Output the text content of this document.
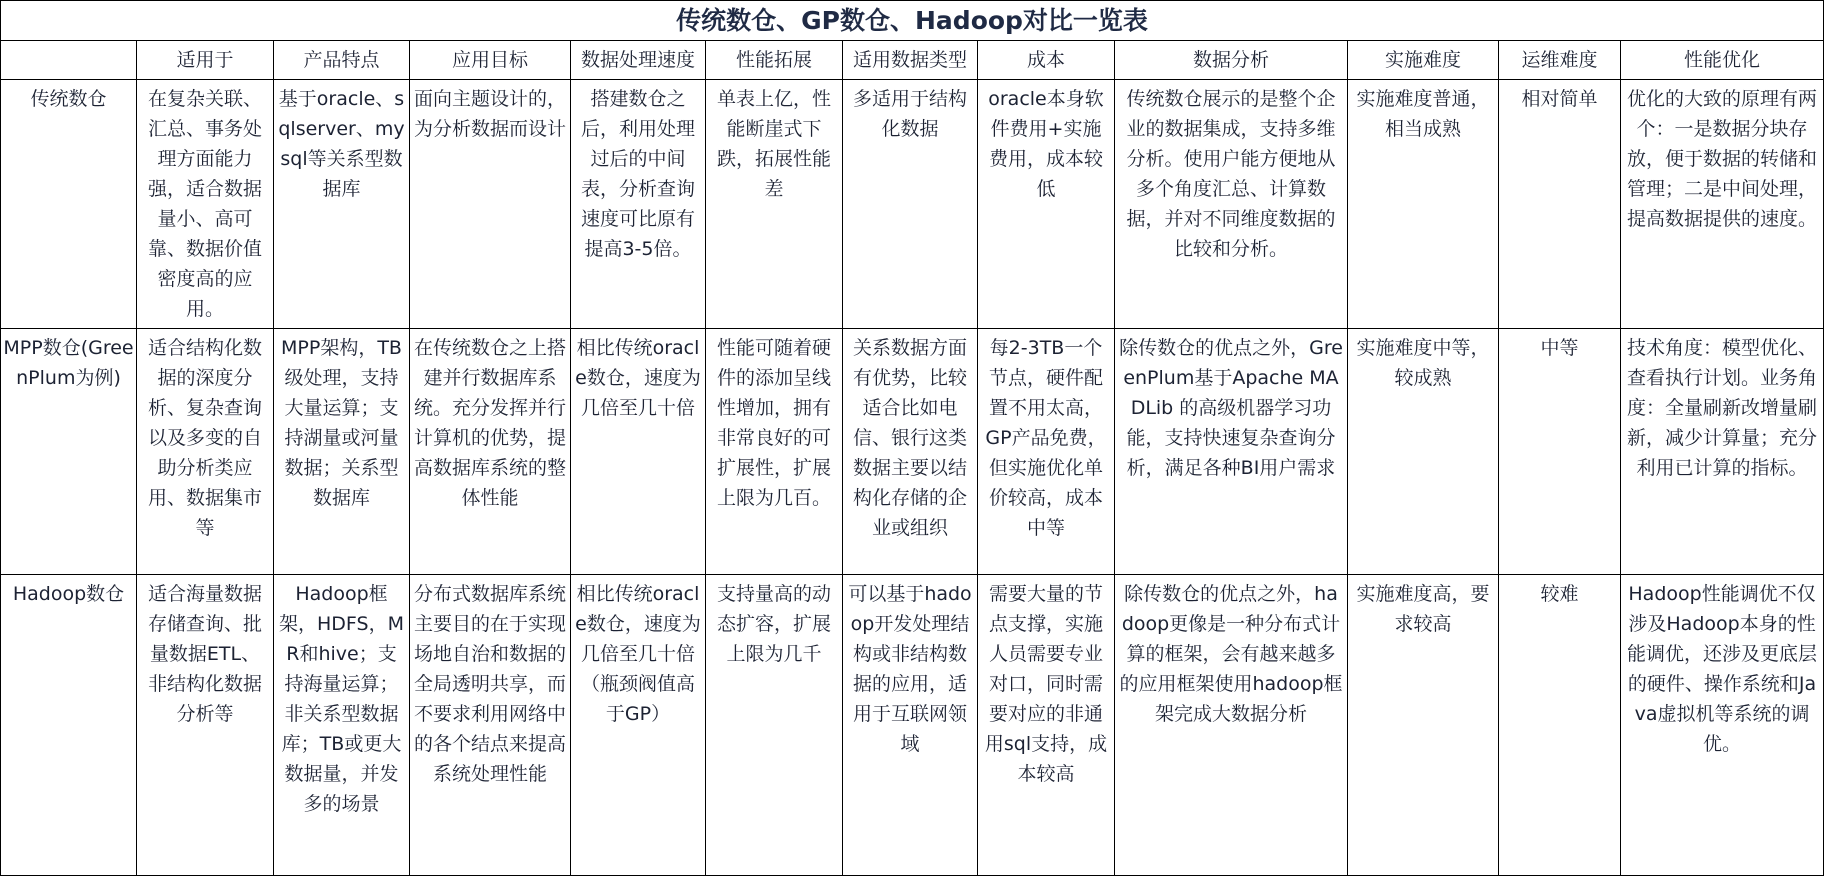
传统数仓、GP数仓、Hadoop对比一览表											
	适用于	产品特点	应用目标	数据处理速度	性能拓展	适用数据类型	成本	数据分析	实施难度	运维难度	性能优化
传统数仓	在复杂关联、汇总、事务处理方面能力强，适合数据量小、高可靠、数据价值密度高的应用。	基于oracle、sqlserver、mysql等关系型数据库	面向主题设计的，为分析数据而设计	搭建数仓之后，利用处理过后的中间表，分析查询速度可比原有提高3-5倍。	单表上亿，性能断崖式下跌，拓展性能差	多适用于结构化数据	oracle本身软件费用+实施费用，成本较低	传统数仓展示的是整个企业的数据集成，支持多维分析。使用户能方便地从多个角度汇总、计算数据，并对不同维度数据的比较和分析。	实施难度普通，相当成熟	相对简单	优化的大致的原理有两个：一是数据分块存放，便于数据的转储和管理；二是中间处理，提高数据提供的速度。
MPP数仓(GreenPlum为例)	适合结构化数据的深度分析、复杂查询以及多变的自助分析类应用、数据集市等	MPP架构，TB级处理，支持大量运算；支持湖量或河量数据；关系型数据库	在传统数仓之上搭建并行数据库系统。充分发挥并行计算机的优势，提高数据库系统的整体性能	相比传统oracle数仓，速度为几倍至几十倍	性能可随着硬件的添加呈线性增加，拥有非常良好的可扩展性，扩展上限为几百。	关系数据方面有优势，比较适合比如电信、银行这类数据主要以结构化存储的企业或组织	每2-3TB一个节点，硬件配置不用太高，GP产品免费，但实施优化单价较高，成本中等	除传数仓的优点之外，GreenPlum基于Apache MADLib 的高级机器学习功能，支持快速复杂查询分析，满足各种BI用户需求	实施难度中等，较成熟	中等	技术角度：模型优化、查看执行计划。业务角度：全量刷新改增量刷新，减少计算量；充分利用已计算的指标。
Hadoop数仓	适合海量数据存储查询、批量数据ETL、非结构化数据分析等	Hadoop框架，HDFS，MR和hive；支持海量运算；非关系型数据库；TB或更大数据量，并发多的场景	分布式数据库系统主要目的在于实现场地自治和数据的全局透明共享，而不要求利用网络中的各个结点来提高系统处理性能	相比传统oracle数仓，速度为几倍至几十倍（瓶颈阀值高于GP）	支持量高的动态扩容，扩展上限为几千	可以基于hadoop开发处理结构或非结构数据的应用，适用于互联网领域	需要大量的节点支撑，实施人员需要专业对口，同时需要对应的非通用sql支持，成本较高	除传数仓的优点之外，hadoop更像是一种分布式计算的框架，会有越来越多的应用框架使用hadoop框架完成大数据分析	实施难度高，要求较高	较难	Hadoop性能调优不仅涉及Hadoop本身的性能调优，还涉及更底层的硬件、操作系统和Java虚拟机等系统的调优。
